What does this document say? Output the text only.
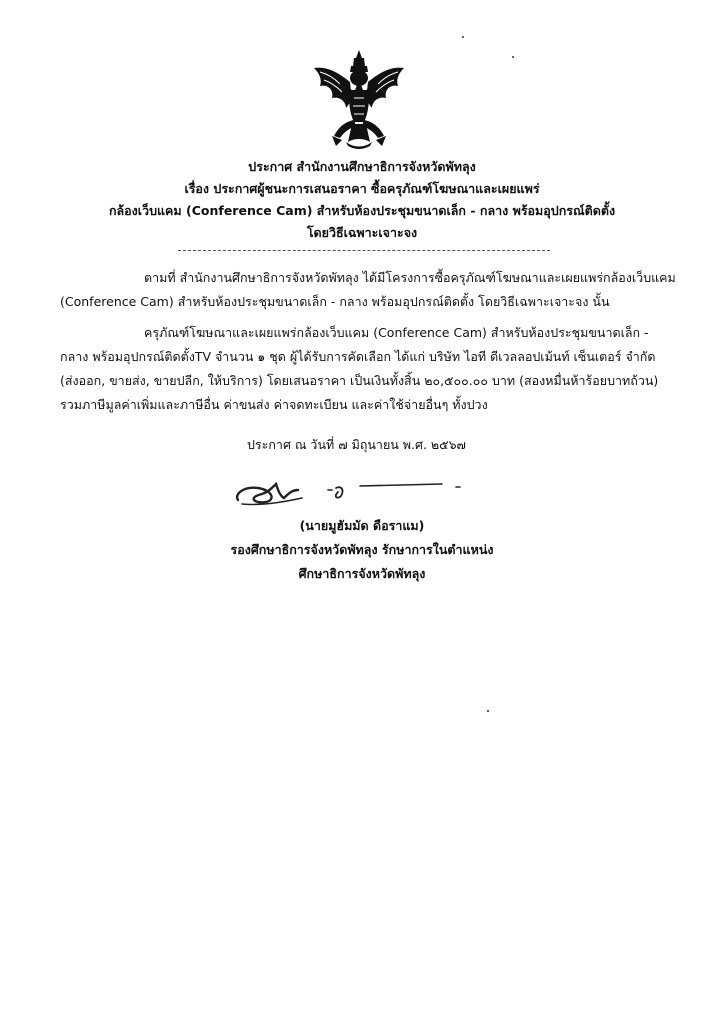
ประกาศ สำนักงานศึกษาธิการจังหวัดพัทลุง
เรื่อง ประกาศผู้ชนะการเสนอราคา ซื้อครุภัณฑ์โฆษณาและเผยแพร่
กล้องเว็บแคม (Conference Cam) สำหรับห้องประชุมขนาดเล็ก - กลาง พร้อมอุปกรณ์ติดตั้ง
โดยวิธีเฉพาะเจาะจง
ตามที่ สำนักงานศึกษาธิการจังหวัดพัทลุง ได้มีโครงการซื้อครุภัณฑ์โฆษณาและเผยแพร่กล้องเว็บแคม
(Conference Cam) สำหรับห้องประชุมขนาดเล็ก - กลาง พร้อมอุปกรณ์ติดตั้ง โดยวิธีเฉพาะเจาะจง นั้น
ครุภัณฑ์โฆษณาและเผยแพร่กล้องเว็บแคม (Conference Cam) สำหรับห้องประชุมขนาดเล็ก -
กลาง พร้อมอุปกรณ์ติดตั้งTV จำนวน ๑ ชุด ผู้ได้รับการคัดเลือก ได้แก่ บริษัท ไอที ดีเวลลอปเม้นท์ เซ็นเตอร์ จำกัด
(ส่งออก, ขายส่ง, ขายปลีก, ให้บริการ) โดยเสนอราคา เป็นเงินทั้งสิ้น ๒๐,๕๐๐.๐๐ บาท (สองหมื่นห้าร้อยบาทถ้วน)
รวมภาษีมูลค่าเพิ่มและภาษีอื่น ค่าขนส่ง ค่าจดทะเบียน และค่าใช้จ่ายอื่นๆ ทั้งปวง
ประกาศ ณ วันที่ ๗ มิถุนายน พ.ศ. ๒๕๖๗
(นายมูฮัมมัด ดือราแม)
รองศึกษาธิการจังหวัดพัทลุง รักษาการในตำแหน่ง
ศึกษาธิการจังหวัดพัทลุง
